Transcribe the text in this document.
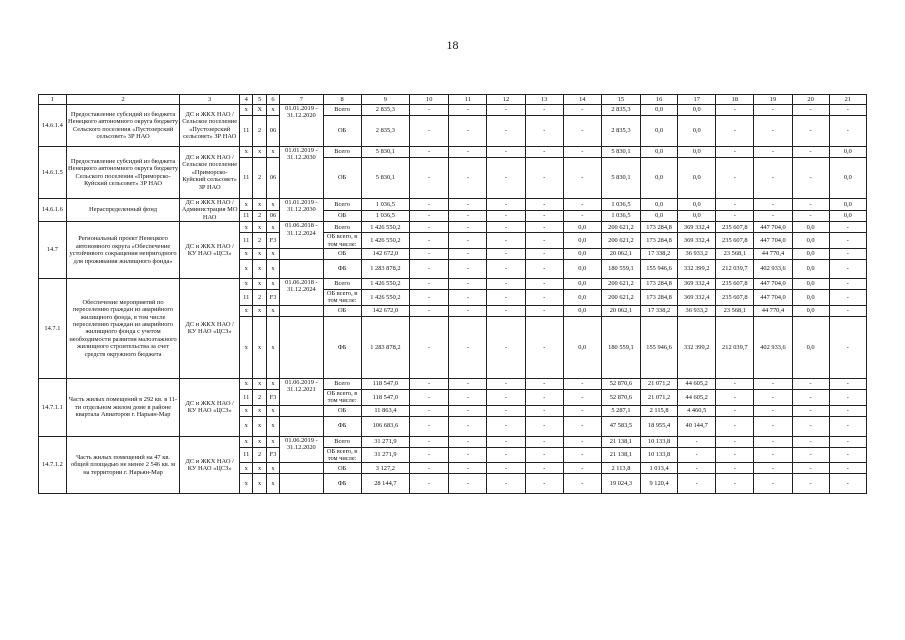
18
1	2	3	4	5	6	7	8	9	10	11	12	13	14	15	16	17	18	19	20	21
14.6.1.4	Предоставление субсидий из бюджета Ненецкого автономного округа бюджету Сельского поселения «Пустозерский сельсовет» ЗР НАО	ДС и ЖКХ НАО / Сельское поселение «Пустозерский сельсовет» ЗР НАО	x	X	x	01.01.2019 - 31.12.2020	Всего	2 835,3	-	-	-	-	-	2 835,3	0,0	0,0	-	-	-	-
			11	2	06		ОБ	2 835,3	-	-	-	-	-	2 835,3	0,0	0,0	-	-	-	-
14.6.1.5	Предоставление субсидий из бюджета Ненецкого автономного округа бюджету Сельского поселения «Приморско-Куйский сельсовет» ЗР НАО	ДС и ЖКХ НАО / Сельское поселение «Приморско-Куйский сельсовет» ЗР НАО	x	x	x	01.01.2019 - 31.12.2030	Всего	5 830,1	-	-	-	-	-	5 830,1	0,0	0,0	-	-	-	0,0
			11	2	06		ОБ	5 830,1	-	-	-	-	-	5 830,1	0,0	0,0	-	-	-	0,0
14.6.1.6	Нераспределенный фонд	ДС и ЖКХ НАО / Администрация МО НАО	x	x	x	01.01.2019 - 31.12.2030	Всего	1 036,5	-	-	-	-	-	1 036,5	0,0	0,0	-	-	-	0,0
			11	2	06		ОБ	1 036,5	-	-	-	-	-	1 036,5	0,0	0,0	-	-	-	0,0
14.7	Региональный проект Ненецкого автономного округа «Обеспечение устойчивого сокращения непригодного для проживания жилищного фонда»	ДС и ЖКХ НАО / КУ НАО «ЦСЗ»	x	x	x	01.06.2018 - 31.12.2024	Всего	1 426 550,2	-	-	-	-	0,0	200 621,2	173 284,8	369 332,4	235 607,8	447 704,0	0,0	-
			11	2	F3		ОБ всего, в том числе:	1 426 550,2	-	-	-	-	0,0	200 621,2	173 284,8	369 332,4	235 607,8	447 704,0	0,0	-
			x	x	x		ОБ	142 672,0	-	-	-	-	0,0	20 062,1	17 338,2	36 933,2	23 568,1	44 770,4	0,0	-
			x	x	x		ФБ	1 283 878,2	-	-	-	-	0,0	180 559,1	155 946,6	332 399,2	212 039,7	402 933,6	0,0	-
14.7.1	Обеспечение мероприятий по переселению граждан из аварийного жилищного фонда, в том числе переселению граждан из аварийного жилищного фонда с учетом необходимости развития малоэтажного жилищного строительства за счет средств окружного бюджета	ДС и ЖКХ НАО / КУ НАО «ЦСЗ»	x	x	x	01.06.2018 - 31.12.2024	Всего	1 426 550,2	-	-	-	-	0,0	200 621,2	173 284,8	369 332,4	235 607,8	447 704,0	0,0	-
			11	2	F3		ОБ всего, в том числе:	1 426 550,2	-	-	-	-	0,0	200 621,2	173 284,8	369 332,4	235 607,8	447 704,0	0,0	-
			x	x	x		ОБ	142 672,0	-	-	-	-	0,0	20 062,1	17 338,2	36 933,2	23 568,1	44 770,4	0,0	-
			x	x	x		ФБ	1 283 878,2	-	-	-	-	0,0	180 559,1	155 946,6	332 399,2	212 039,7	402 933,6	0,0	-
14.7.1.1	Часть жилых помещений в 292 кв. в 11-ти отдельном жилом доме в районе квартала Авиаторов г. Нарьян-Мар	ДС и ЖКХ НАО / КУ НАО «ЦСЗ»	x	x	x	01.06.2019 - 31.12.2021	Всего	118 547,0	-	-	-	-	-	52 870,6	21 071,2	44 605,2	-	-	-	-
			11	2	F3		ОБ всего, в том числе:	118 547,0	-	-	-	-	-	52 870,6	21 071,2	44 605,2	-	-	-	-
			x	x	x		ОБ	11 863,4	-	-	-	-	-	5 287,1	2 115,8	4 460,5	-	-	-	-
			x	x	x		ФБ	106 683,6	-	-	-	-	-	47 583,5	18 955,4	40 144,7	-	-	-	-
14.7.1.2	Часть жилых помещений на 47 кв. общей площадью не менее 2 546 кв. м на территории г. Нарьян-Мар	ДС и ЖКХ НАО / КУ НАО «ЦСЗ»	x	x	x	01.06.2019 - 31.12.2020	Всего	31 271,9	-	-	-	-	-	21 138,1	10 133,8	-	-	-	-	-
			11	2	F3		ОБ всего, в том числе:	31 271,9	-	-	-	-	-	21 138,1	10 133,8	-	-	-	-	-
			x	x	x		ОБ	3 127,2	-	-	-	-	-	2 113,8	1 013,4	-	-	-	-	-
			x	x	x		ФБ	28 144,7	-	-	-	-	-	19 024,3	9 120,4	-	-	-	-	-
